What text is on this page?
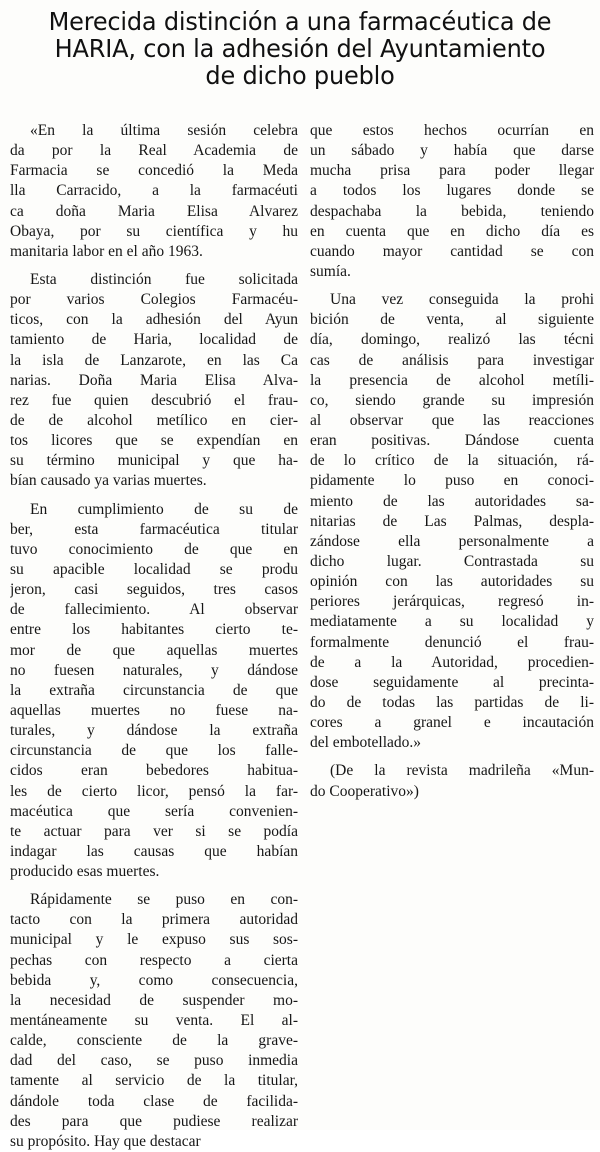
Merecida distinción a una farmacéutica de
HARIA, con la adhesión del Ayuntamiento
de dicho pueblo
«En la última sesión celebra
da por la Real Academia de
Farmacia se concedió la Meda
lla Carracido, a la farmacéuti
ca doña Maria Elisa Alvarez
Obaya, por su científica y hu
manitaria labor en el año 1963.
Esta distinción fue solicitada
por varios Colegios Farmacéu-
ticos, con la adhesión del Ayun
tamiento de Haria, localidad de
la isla de Lanzarote, en las Ca
narias. Doña Maria Elisa Alva-
rez fue quien descubrió el frau-
de de alcohol metílico en cier-
tos licores que se expendían en
su término municipal y que ha-
bían causado ya varias muertes.
En cumplimiento de su de
ber, esta farmacéutica titular
tuvo conocimiento de que en
su apacible localidad se produ
jeron, casi seguidos, tres casos
de fallecimiento. Al observar
entre los habitantes cierto te-
mor de que aquellas muertes
no fuesen naturales, y dándose
la extraña circunstancia de que
aquellas muertes no fuese na-
turales, y dándose la extraña
circunstancia de que los falle-
cidos eran bebedores habitua-
les de cierto licor, pensó la far-
macéutica que sería convenien-
te actuar para ver si se podía
indagar las causas que habían
producido esas muertes.
Rápidamente se puso en con-
tacto con la primera autoridad
municipal y le expuso sus sos-
pechas con respecto a cierta
bebida y, como consecuencia,
la necesidad de suspender mo-
mentáneamente su venta. El al-
calde, consciente de la grave-
dad del caso, se puso inmedia
tamente al servicio de la titular,
dándole toda clase de facilida-
des para que pudiese realizar
su propósito. Hay que destacar
que estos hechos ocurrían en
un sábado y había que darse
mucha prisa para poder llegar
a todos los lugares donde se
despachaba la bebida, teniendo
en cuenta que en dicho día es
cuando mayor cantidad se con
sumía.
Una vez conseguida la prohi
bición de venta, al siguiente
día, domingo, realizó las técni
cas de análisis para investigar
la presencia de alcohol metíli-
co, siendo grande su impresión
al observar que las reacciones
eran positivas. Dándose cuenta
de lo crítico de la situación, rá-
pidamente lo puso en conoci-
miento de las autoridades sa-
nitarias de Las Palmas, despla-
zándose ella personalmente a
dicho lugar. Contrastada su
opinión con las autoridades su
periores jerárquicas, regresó in-
mediatamente a su localidad y
formalmente denunció el frau-
de a la Autoridad, procedien-
dose seguidamente al precinta-
do de todas las partidas de li-
cores a granel e incautación
del embotellado.»
(De la revista madrileña «Mun-
do Cooperativo»)
